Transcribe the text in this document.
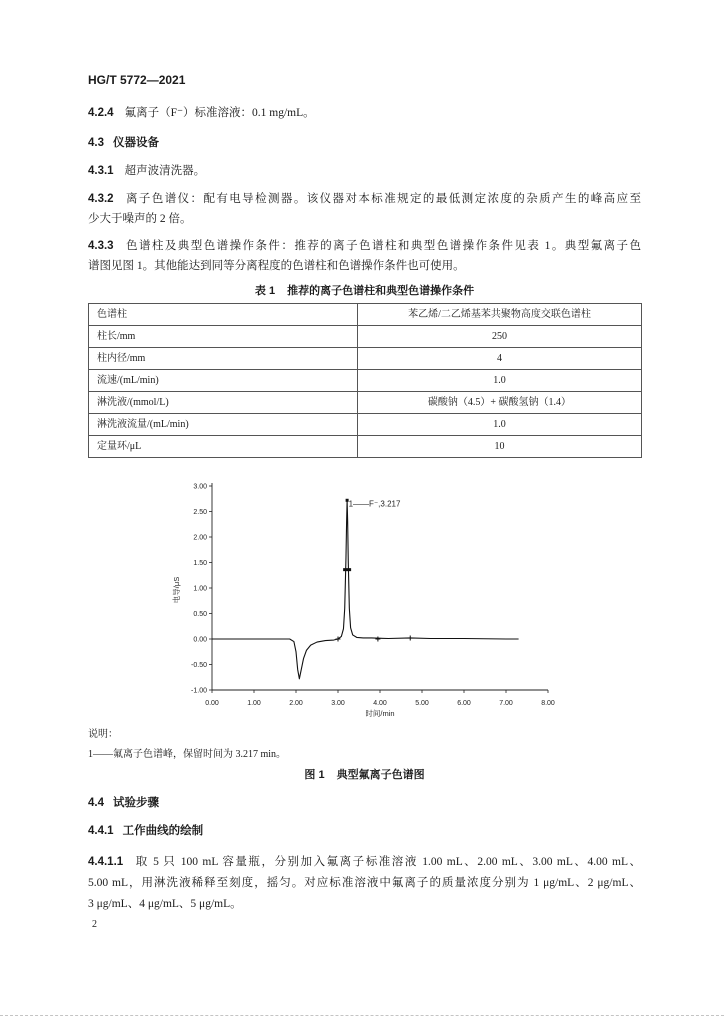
HG/T 5772—2021
4.2.4 氟离子（F⁻）标准溶液：0.1 mg/mL。
4.3 仪器设备
4.3.1 超声波清洗器。
4.3.2 离子色谱仪：配有电导检测器。该仪器对本标准规定的最低测定浓度的杂质产生的峰高应至
少大于噪声的 2 倍。
4.3.3 色谱柱及典型色谱操作条件：推荐的离子色谱柱和典型色谱操作条件见表 1。典型氟离子色
谱图见图 1。其他能达到同等分离程度的色谱柱和色谱操作条件也可使用。
表 1 推荐的离子色谱柱和典型色谱操作条件
色谱柱	苯乙烯/二乙烯基苯共聚物高度交联色谱柱
柱长/mm	250
柱内径/mm	4
流速/(mL/min)	1.0
淋洗液/(mmol/L)	碳酸钠（4.5）+ 碳酸氢钠（1.4）
淋洗液流量/(mL/min)	1.0
定量环/μL	10
-1.00
-0.50
0.00
0.50
1.00
1.50
2.00
2.50
3.00
0.00	1.00	2.00	3.00	4.00	5.00	6.00	7.00	8.00
1——F⁻,3.217
时间/min
电导/μS
说明：
1——氟离子色谱峰，保留时间为 3.217 min。
图 1 典型氟离子色谱图
4.4 试验步骤
4.4.1 工作曲线的绘制
4.4.1.1 取 5 只 100 mL 容量瓶，分别加入氟离子标准溶液 1.00 mL、2.00 mL、3.00 mL、4.00 mL、
5.00 mL，用淋洗液稀释至刻度，摇匀。对应标准溶液中氟离子的质量浓度分别为 1 μg/mL、2 μg/mL、
3 μg/mL、4 μg/mL、5 μg/mL。
2
